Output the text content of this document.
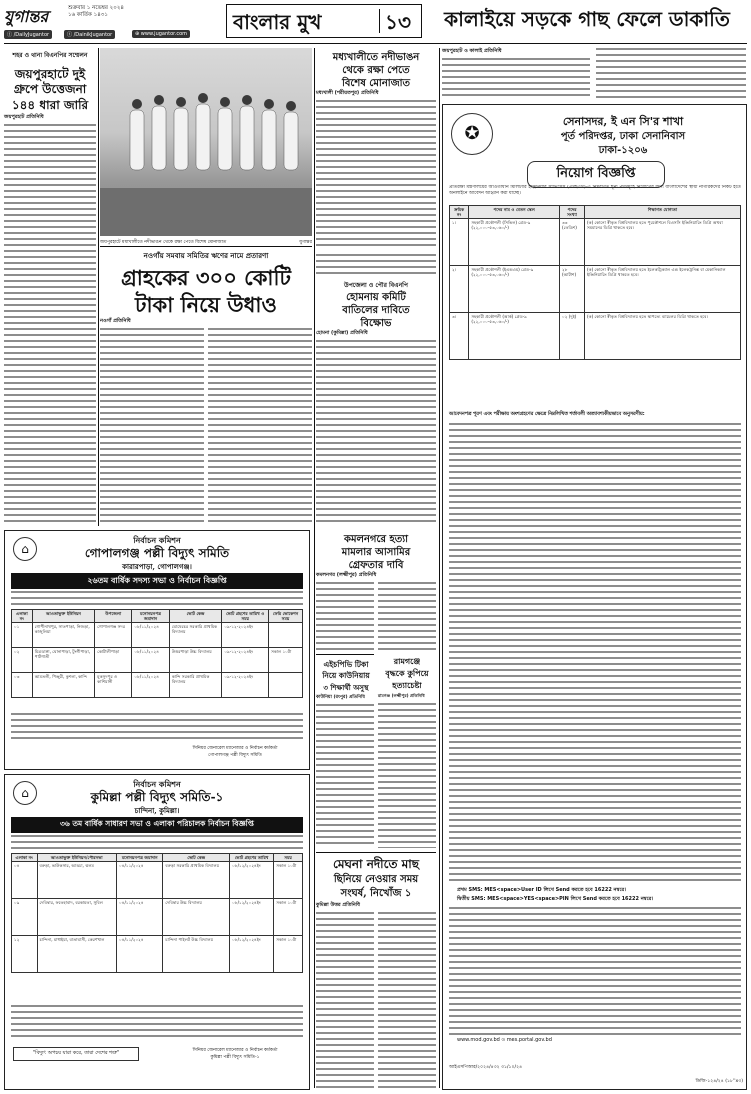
যুগান্তর	শুক্রবার ১ নভেম্বর ২০২৪
১৬ কার্তিক ১৪৩১
ⓕ /DailyJugantor	ⓣ /DainikJugantor	⊕ www.jugantor.com বাংলার মুখ	১৩	কালাইয়ে সড়কে গাছ ফেলে ডাকাতি
শহর ও থানা বিএনপির সম্মেলন
জয়পুরহাটে দুই
গ্রুপে উত্তেজনা
১৪৪ ধারা জারি
জয়পুরহাট প্রতিনিধি
জয়পুরহাটে মধ্যখালীতে নদীভাঙন থেকে রক্ষা পেতে বিশেষ মোনাজাত	যুগান্তর
মধ্যখালীতে নদীভাঙন
থেকে রক্ষা পেতে
বিশেষ মোনাজাত
মধ্যখালী (শরীয়তপুর) প্রতিনিধি
নওগাঁয় সমবায় সমিতির ঋণের নামে প্রতারণা
গ্রাহকের ৩০০ কোটি
টাকা নিয়ে উধাও
নওগাঁ প্রতিনিধি
উপজেলা ও পৌর বিএনপি
হোমনায় কমিটি
বাতিলের দাবিতে
বিক্ষোভ
হোমনা (কুমিল্লা) প্রতিনিধি
⌂
নির্বাচন কমিশন
গোপালগঞ্জ পল্লী বিদ্যুৎ সমিতি
কারারপাড়া, গোপালগঞ্জ।
২৬তম বার্ষিক সদস্য সভা ও নির্বাচন বিজ্ঞপ্তি
এলাকা নং	আওতাভুক্ত ইউনিয়ন	উপজেলা	মনোনয়নপত্র জমাদান	ভোট কেন্দ্র	ভোট গ্রহণের তারিখ ও সময়	ফেরি ভোকেশন সময়
০১	গোপীনাথপুর, সাতপাড়া, নিজড়া, কাজুলিয়া	গোপালগঞ্জ সদর	০৮/১১/২০২৪	ঘোষেরচর সরকারি প্রাথমিক বিদ্যালয়	০৯-১২-২০২৪ইং	
০২	মিত্রডাঙ্গা, ঘোনাপাড়া, টুংগীপাড়া, পাটগাতী	কোটালীপাড়া	০৮/১১/২০২৪	উত্তরপাড়া উচ্চ বিদ্যালয়	০৯-১২-২০২৪ইং	সকাল ১০টা
০৩	আমতলী, পিঞ্জুরী, কুশলা, কান্দি	মুকসুদপুর ও কাশিয়ানী	০৮/১১/২০২৪	কান্দি সরকারি প্রাথমিক বিদ্যালয়	০৯-১২-২০২৪ইং	
সিনিয়র জেনারেল ম্যানেজার ও নির্বাচন কর্মকর্তা
গোপালগঞ্জ পল্লী বিদ্যুৎ সমিতি
কমলনগরে হত্যা
মামলার আসামির
গ্রেফতার দাবি
কমলনগর (লক্ষ্মীপুর) প্রতিনিধি
এইচপিভি টিকা
নিয়ে কাউনিয়ায়
৩ শিক্ষার্থী অসুস্থ
কাউনিয়া (রংপুর) প্রতিনিধি
রামগঞ্জে
বৃদ্ধকে কুপিয়ে
হত্যাচেষ্টা
রামগঞ্জ (লক্ষ্মীপুর) প্রতিনিধি
⌂
নির্বাচন কমিশন
কুমিল্লা পল্লী বিদ্যুৎ সমিতি-১
চান্দিনা, কুমিল্লা।
৩৬ তম বার্ষিক সাধারণ সভা ও এলাকা পরিচালক নির্বাচন বিজ্ঞপ্তি
এলাকা নং	আওতাভুক্ত ইউনিয়ন/পৌরসভা	মনোনয়নপত্র জমাদান	ভোট কেন্দ্র	ভোট গ্রহণের তারিখ	সময়
০৪	বরুড়া, ভাউকসার, আড্ডা, ঝলম	০৪/১১/২০২৪	বরুড়া সরকারি প্রাথমিক বিদ্যালয়	০৮/১২/২০২৪ইং	সকাল ১০টা
০৯	দেবিদ্বার, ফতেহাবাদ, বরকামতা, সুবিল	০৪/১১/২০২৪	দেবিদ্বার উচ্চ বিদ্যালয়	০৮/১২/২০২৪ইং	সকাল ১০টা
১২	চান্দিনা, মাধাইয়া, বাতাঘাসী, কেরণখাল	০৪/১১/২০২৪	চান্দিনা পাইলট উচ্চ বিদ্যালয়	০৮/১২/২০২৪ইং	সকাল ১০টা
"বিদ্যুৎ অপচয় যারা করে, তারা দেশের শত্রু"	সিনিয়র জেনারেল ম্যানেজার ও নির্বাচন কর্মকর্তা
কুমিল্লা পল্লী বিদ্যুৎ সমিতি-১
মেঘনা নদীতে মাছ
ছিনিয়ে নেওয়ার সময়
সংঘর্ষ, নিখোঁজ ১
কুমিল্লা উত্তর প্রতিনিধি
জয়পুরহাট ও কালাই প্রতিনিধি
✪
সেনাসদর, ই এন সি'র শাখা
পূর্ত পরিদপ্তর, ঢাকা সেনানিবাস
ঢাকা-১২০৬
নিয়োগ বিজ্ঞপ্তি
প্রতিরক্ষা মন্ত্রণালয়ের আওতাধীন মিলিটারি ইঞ্জিনিয়ার সার্ভিসেস (এমইএস)-এ নিম্নবর্ণিত শূন্য পদসমূহে নিয়োগের জন্য বাংলাদেশের স্থায়ী নাগরিকদের নিকট হতে অনলাইনে আবেদন আহ্বান করা যাচ্ছে।
ক্রমিক নং	পদের নাম ও বেতন স্কেল	পদের সংখ্যা	শিক্ষাগত যোগ্যতা
১।	সহকারী প্রকৌশলী (সিভিল) গ্রেড-৯ (২২,০০০-৫৩,০৬০/-)	৩৩ (তেত্রিশ)	(ক) কোনো স্বীকৃত বিশ্ববিদ্যালয় হতে পুরকৌশলে বিএসসি ইঞ্জিনিয়ারিং ডিগ্রি অথবা সমমানের ডিগ্রি থাকতে হবে।
২।	সহকারী প্রকৌশলী (ইএন্ডএম) গ্রেড-৯ (২২,০০০-৫৩,০৬০/-)	২৮ (আটাশ)	(ক) কোনো স্বীকৃত বিশ্ববিদ্যালয় হতে ইলেকট্রিক্যাল এন্ড ইলেকট্রনিক্স বা মেকানিক্যাল ইঞ্জিনিয়ারিং ডিগ্রি থাকতে হবে।
৩।	সহকারী প্রকৌশলী (আর্ক) গ্রেড-৯ (২২,০০০-৫৩,০৬০/-)	০২ (দুই)	(ক) কোনো স্বীকৃত বিশ্ববিদ্যালয় হতে স্থাপত্যে ব্যাচেলর ডিগ্রি থাকতে হবে।
আবেদনপত্র পূরণ এবং পরীক্ষায় অংশগ্রহণের ক্ষেত্রে নিম্নলিখিত শর্তাবলী অত্যাবশ্যকীয়ভাবে অনুসরণীয়:
প্রথম SMS: MES<space>User ID লিখে Send করতে হবে 16222 নম্বরে।
দ্বিতীয় SMS: MES<space>YES<space>PIN লিখে Send করতে হবে 16222 নম্বরে।
www.mod.gov.bd ও mes.portal.gov.bd
আইএসপিআর/২০২৪/৪৩২ ৩১/১০/২৪
ডিজি-১২৪/২৪ (১৮''x৩)
